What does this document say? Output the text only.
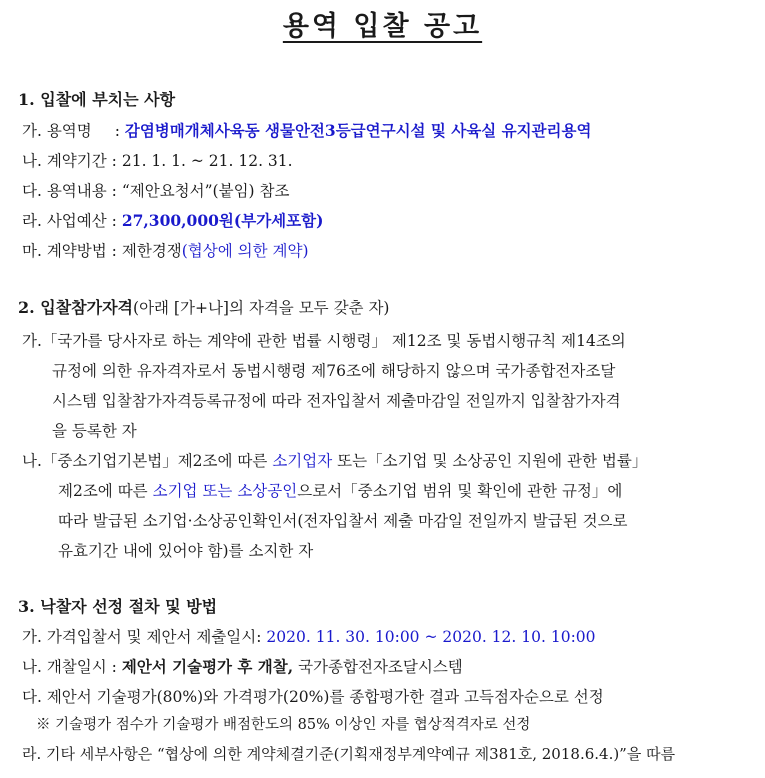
용역 입찰 공고
1. 입찰에 부치는 사항
가. 용역명 : 감염병매개체사육동 생물안전3등급연구시설 및 사육실 유지관리용역
나. 계약기간 : 21. 1. 1. ~ 21. 12. 31.
다. 용역내용 : “제안요청서”(붙임) 참조
라. 사업예산 : 27,300,000원(부가세포함)
마. 계약방법 : 제한경쟁(협상에 의한 계약)
2. 입찰참가자격(아래 [가+나]의 자격을 모두 갖춘 자)
가.「국가를 당사자로 하는 계약에 관한 법률 시행령」 제12조 및 동법시행규칙 제14조의
규정에 의한 유자격자로서 동법시행령 제76조에 해당하지 않으며 국가종합전자조달
시스템 입찰참가자격등록규정에 따라 전자입찰서 제출마감일 전일까지 입찰참가자격
을 등록한 자
나.「중소기업기본법」제2조에 따른 소기업자 또는「소기업 및 소상공인 지원에 관한 법률」
제2조에 따른 소기업 또는 소상공인으로서「중소기업 범위 및 확인에 관한 규정」에
따라 발급된 소기업·소상공인확인서(전자입찰서 제출 마감일 전일까지 발급된 것으로
유효기간 내에 있어야 함)를 소지한 자
3. 낙찰자 선정 절차 및 방법
가. 가격입찰서 및 제안서 제출일시: 2020. 11. 30. 10:00 ~ 2020. 12. 10. 10:00
나. 개찰일시 : 제안서 기술평가 후 개찰, 국가종합전자조달시스템
다. 제안서 기술평가(80%)와 가격평가(20%)를 종합평가한 결과 고득점자순으로 선정
※ 기술평가 점수가 기술평가 배점한도의 85% 이상인 자를 협상적격자로 선정
라. 기타 세부사항은 “협상에 의한 계약체결기준(기획재정부계약예규 제381호, 2018.6.4.)”을 따름
